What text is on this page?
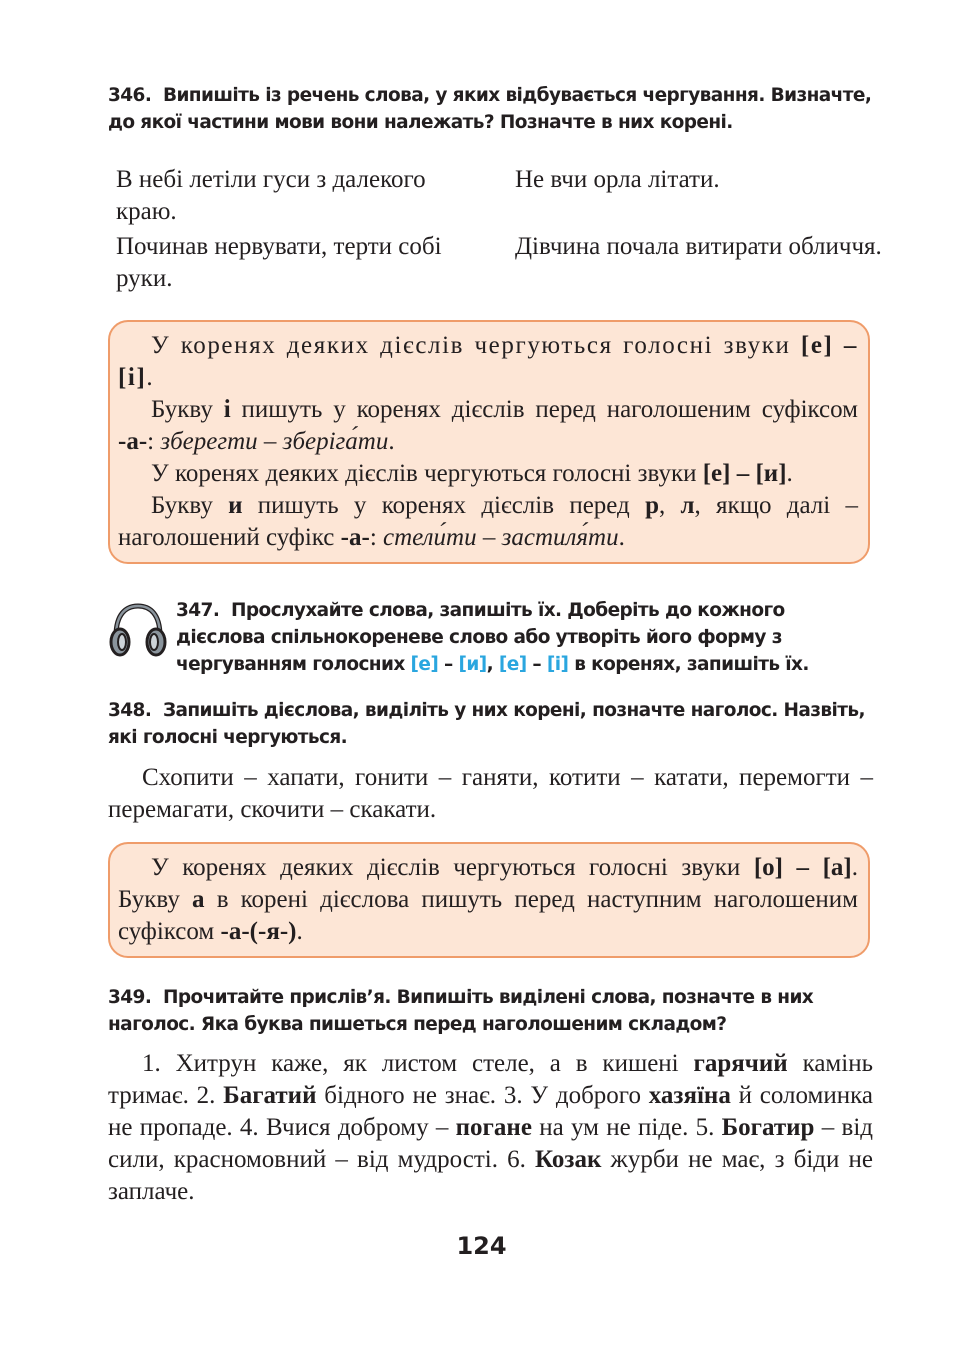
346. Випишіть із речень слова, у яких відбувається чергування. Визначте, до якої частини мови вони належать? Позначте в них корені.
В небі летіли гуси з далекого краю.
Не вчи орла літати.
Починав нервувати, терти собі руки.
Дівчина почала витирати обличчя.

У коренях деяких дієслів чергуються голосні звуки [е] – [і].

Букву і пишуть у коренях дієслів перед наголошеним суфіксом -а-: зберегти – зберіга́ти.

У коренях деяких дієслів чергуються голосні звуки [е] – [и].

Букву и пишуть у коренях дієслів перед р, л, якщо далі – наголошений суфікс -а-: стели́ти – застиля́ти.

347. Прослухайте слова, запишіть їх. Доберіть до кожного дієслова спільнокореневе слово або утворіть його форму з чергуванням голосних [е] – [и], [е] – [і] в коренях, запишіть їх.
348. Запишіть дієслова, виділіть у них корені, позначте наголос. Назвіть, які голосні чергуються.
Схопити – хапати, гонити – ганяти, котити – катати, перемогти – перемагати, скочити – скакати.

У коренях деяких дієслів чергуються голосні звуки [о] – [а]. Букву а в корені дієслова пишуть перед наступним наголошеним суфіксом -а-(-я-).

349. Прочитайте прислів’я. Випишіть виділені слова, позначте в них наголос. Яка буква пишеться перед наголошеним складом?
1. Хитрун каже, як листом стеле, а в кишені гарячий камінь тримає. 2. Багатий бідного не знає. 3. У доброго хазяїна й соломинка не пропаде. 4. Вчися доброму – погане на ум не піде. 5. Богатир – від сили, красномовний – від мудрості. 6. Козак журби не має, з біди не заплаче.
124
